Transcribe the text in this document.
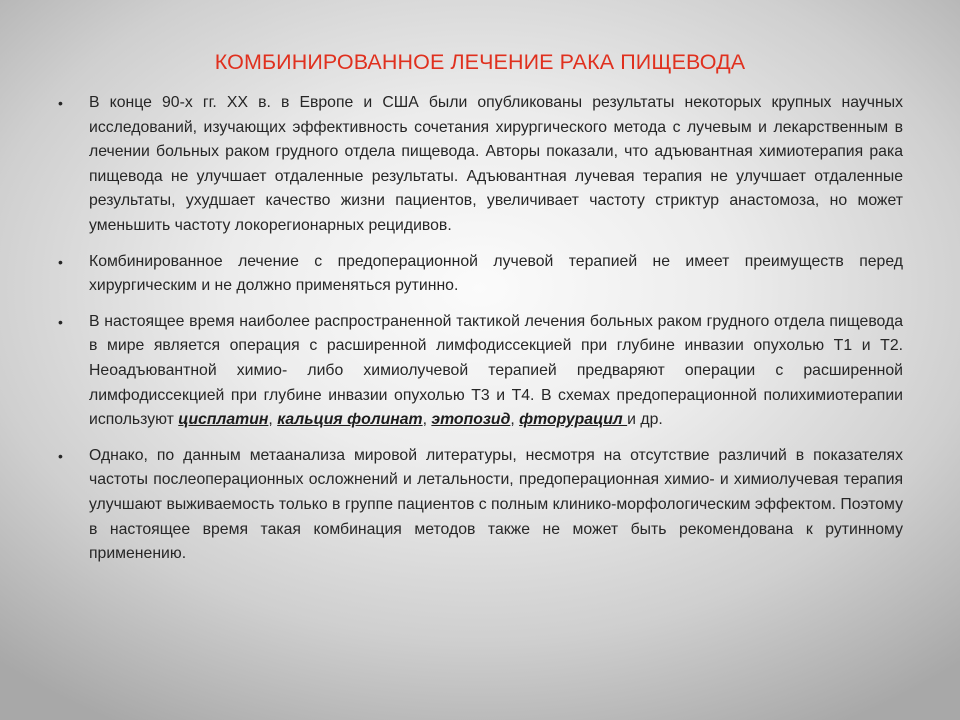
КОМБИНИРОВАННОЕ ЛЕЧЕНИЕ РАКА ПИЩЕВОДА
• В конце 90-х гг. XX в. в Европе и США были опубликованы результаты некоторых крупных научных исследований, изучающих эффективность сочетания хирургического метода с лучевым и лекарственным в лечении больных раком грудного отдела пищевода. Авторы показали, что адъювантная химиотерапия рака пищевода не улучшает отдаленные результаты. Адъювантная лучевая терапия не улучшает отдаленные результаты, ухудшает качество жизни пациентов, увеличивает частоту стриктур анастомоза, но может уменьшить частоту локорегионарных рецидивов.
• Комбинированное лечение с предоперационной лучевой терапией не имеет преимуществ перед хирургическим и не должно применяться рутинно.
• В настоящее время наиболее распространенной тактикой лечения больных раком грудного отдела пищевода в мире является операция с расширенной лимфодиссекцией при глубине инвазии опухолью Т1 и Т2. Неоадъювантной химио- либо химиолучевой терапией предваряют операции с расширенной лимфодиссекцией при глубине инвазии опухолью Т3 и Т4. В схемах предоперационной полихимиотерапии используют цисплатин, кальция фолинат, этопозид, фторурацил и др.
• Однако, по данным метаанализа мировой литературы, несмотря на отсутствие различий в показателях частоты послеоперационных осложнений и летальности, предоперационная химио- и химиолучевая терапия улучшают выживаемость только в группе пациентов с полным клинико-морфологическим эффектом. Поэтому в настоящее время такая комбинация методов также не может быть рекомендована к рутинному применению.
